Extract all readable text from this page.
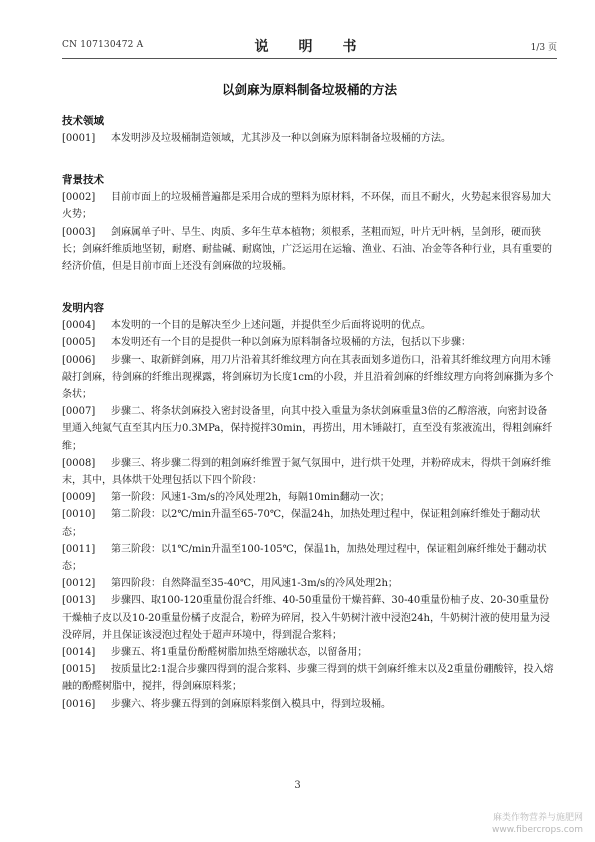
CN 107130472 A	说　明　书	1/3 页
以剑麻为原料制备垃圾桶的方法
技术领域
[0001] 本发明涉及垃圾桶制造领域，尤其涉及一种以剑麻为原料制备垃圾桶的方法。
背景技术
[0002] 目前市面上的垃圾桶普遍都是采用合成的塑料为原材料，不环保，而且不耐火，火势起来很容易加大火势；
[0003] 剑麻属单子叶、旱生、肉质、多年生草本植物；须根系，茎粗而短，叶片无叶柄，呈剑形，硬而狭长；剑麻纤维质地坚韧，耐磨、耐盐碱、耐腐蚀，广泛运用在运输、渔业、石油、冶金等各种行业，具有重要的经济价值，但是目前市面上还没有剑麻做的垃圾桶。
发明内容
[0004] 本发明的一个目的是解决至少上述问题，并提供至少后面将说明的优点。
[0005] 本发明还有一个目的是提供一种以剑麻为原料制备垃圾桶的方法，包括以下步骤：
[0006] 步骤一、取新鲜剑麻，用刀片沿着其纤维纹理方向在其表面划多道伤口，沿着其纤维纹理方向用木锤敲打剑麻，待剑麻的纤维出现裸露，将剑麻切为长度1cm的小段，并且沿着剑麻的纤维纹理方向将剑麻撕为多个条状；
[0007] 步骤二、将条状剑麻投入密封设备里，向其中投入重量为条状剑麻重量3倍的乙醇溶液，向密封设备里通入纯氮气直至其内压力0.3MPa，保持搅拌30min，再捞出，用木锤敲打，直至没有浆液流出，得粗剑麻纤维；
[0008] 步骤三、将步骤二得到的粗剑麻纤维置于氮气氛围中，进行烘干处理，并粉碎成末，得烘干剑麻纤维末，其中，具体烘干处理包括以下四个阶段：
[0009] 第一阶段：风速1-3m/s的冷风处理2h，每隔10min翻动一次；
[0010] 第二阶段：以2℃/min升温至65-70℃，保温24h，加热处理过程中，保证粗剑麻纤维处于翻动状态；
[0011] 第三阶段：以1℃/min升温至100-105℃，保温1h，加热处理过程中，保证粗剑麻纤维处于翻动状态；
[0012] 第四阶段：自然降温至35-40℃，用风速1-3m/s的冷风处理2h；
[0013] 步骤四、取100-120重量份混合纤维、40-50重量份干燥苔藓、30-40重量份柚子皮、20-30重量份干燥柚子皮以及10-20重量份橘子皮混合，粉碎为碎屑，投入牛奶树汁液中浸泡24h，牛奶树汁液的使用量为浸没碎屑，并且保证该浸泡过程处于超声环境中，得到混合浆料；
[0014] 步骤五、将1重量份酚醛树脂加热至熔融状态，以留备用；
[0015] 按质量比2:1混合步骤四得到的混合浆料、步骤三得到的烘干剑麻纤维末以及2重量份硼酸锌，投入熔融的酚醛树脂中，搅拌，得剑麻原料浆；
[0016] 步骤六、将步骤五得到的剑麻原料浆倒入模具中，得到垃圾桶。
3
麻类作物营养与施肥网
www.fibercrops.com
